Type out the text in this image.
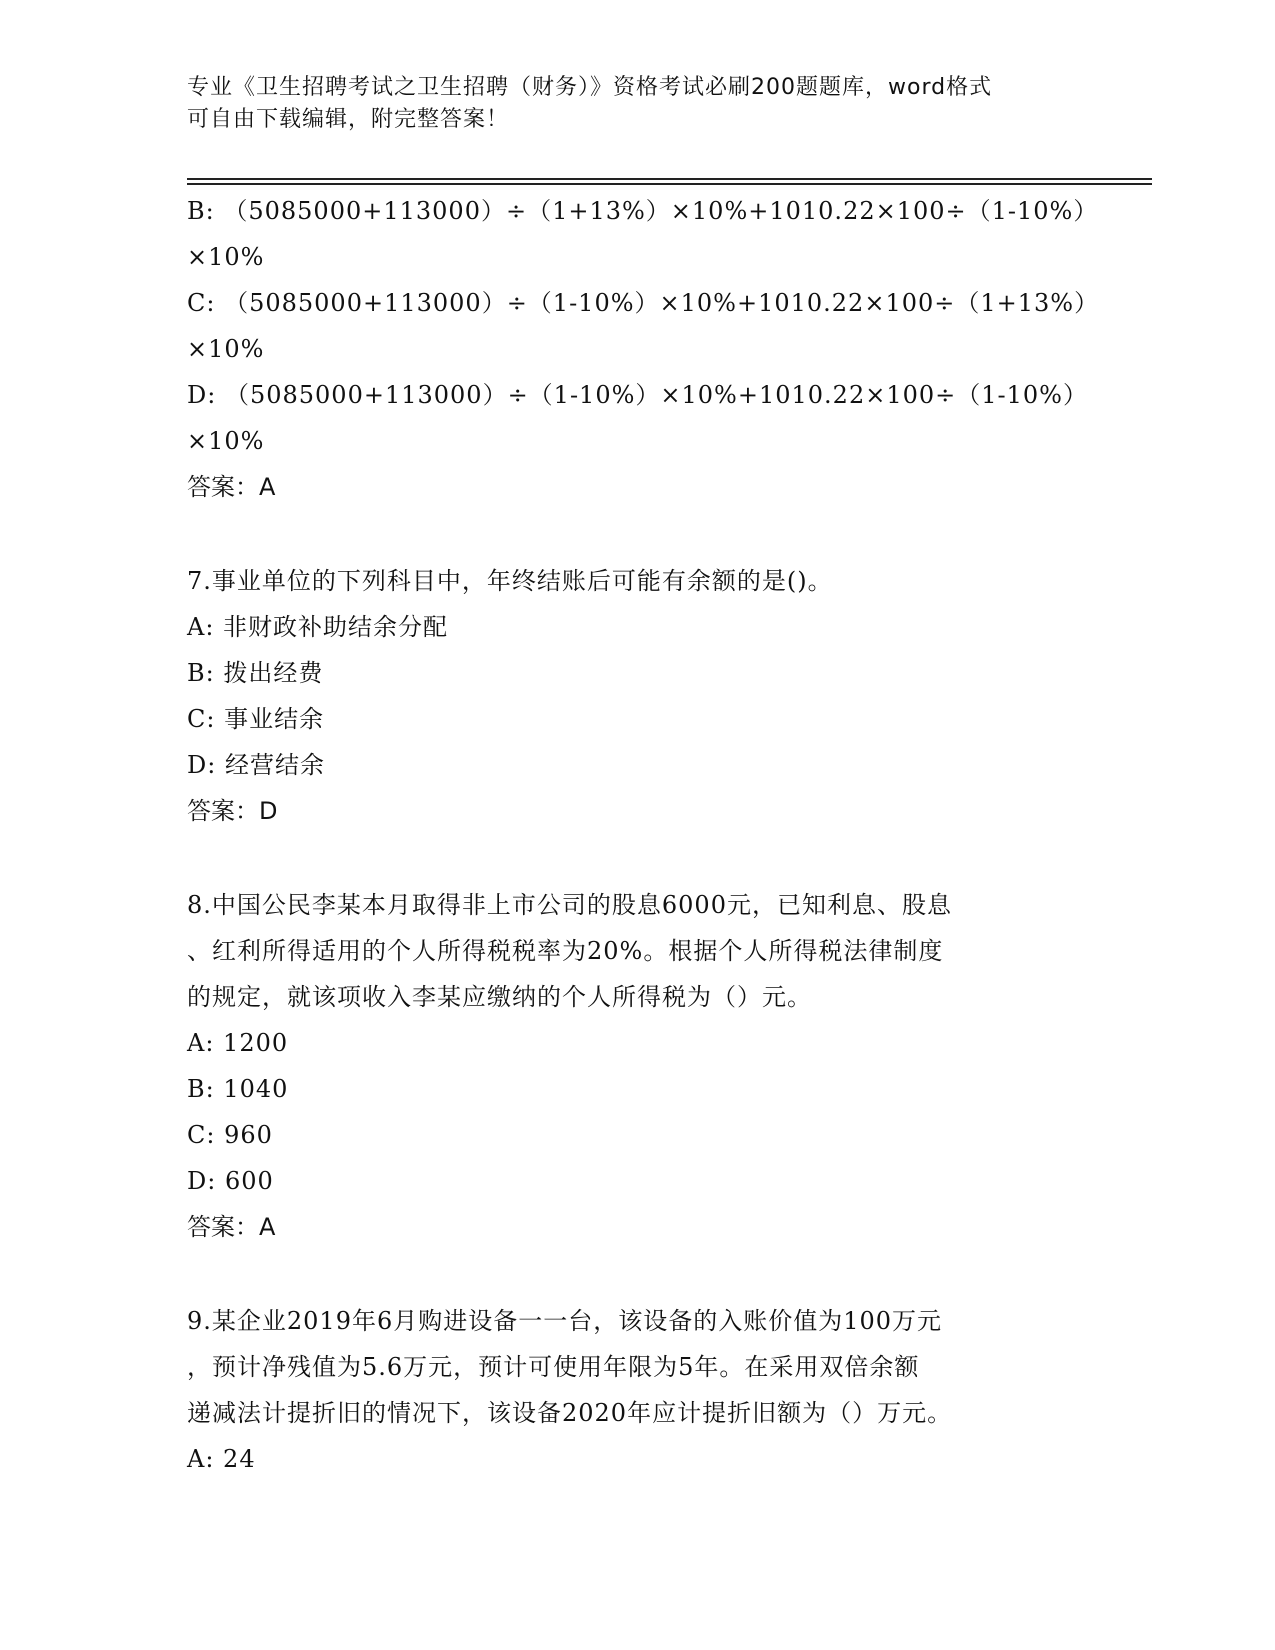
专业《卫生招聘考试之卫生招聘（财务）》资格考试必刷200题题库，word格式
可自由下载编辑，附完整答案！
B: （5085000+113000）÷（1+13%）×10%+1010.22×100÷（1-10%）
×10%
C: （5085000+113000）÷（1-10%）×10%+1010.22×100÷（1+13%）
×10%
D: （5085000+113000）÷（1-10%）×10%+1010.22×100÷（1-10%）
×10%
答案：A
7.事业单位的下列科目中，年终结账后可能有余额的是()。
A: 非财政补助结余分配
B: 拨出经费
C: 事业结余
D: 经营结余
答案：D
8.中国公民李某本月取得非上市公司的股息6000元，已知利息、股息
、红利所得适用的个人所得税税率为20%。根据个人所得税法律制度
的规定，就该项收入李某应缴纳的个人所得税为（）元。
A: 1200
B: 1040
C: 960
D: 600
答案：A
9.某企业2019年6月购进设备一一台，该设备的入账价值为100万元
，预计净残值为5.6万元，预计可使用年限为5年。在采用双倍余额
递减法计提折旧的情况下，该设备2020年应计提折旧额为（）万元。
A: 24
